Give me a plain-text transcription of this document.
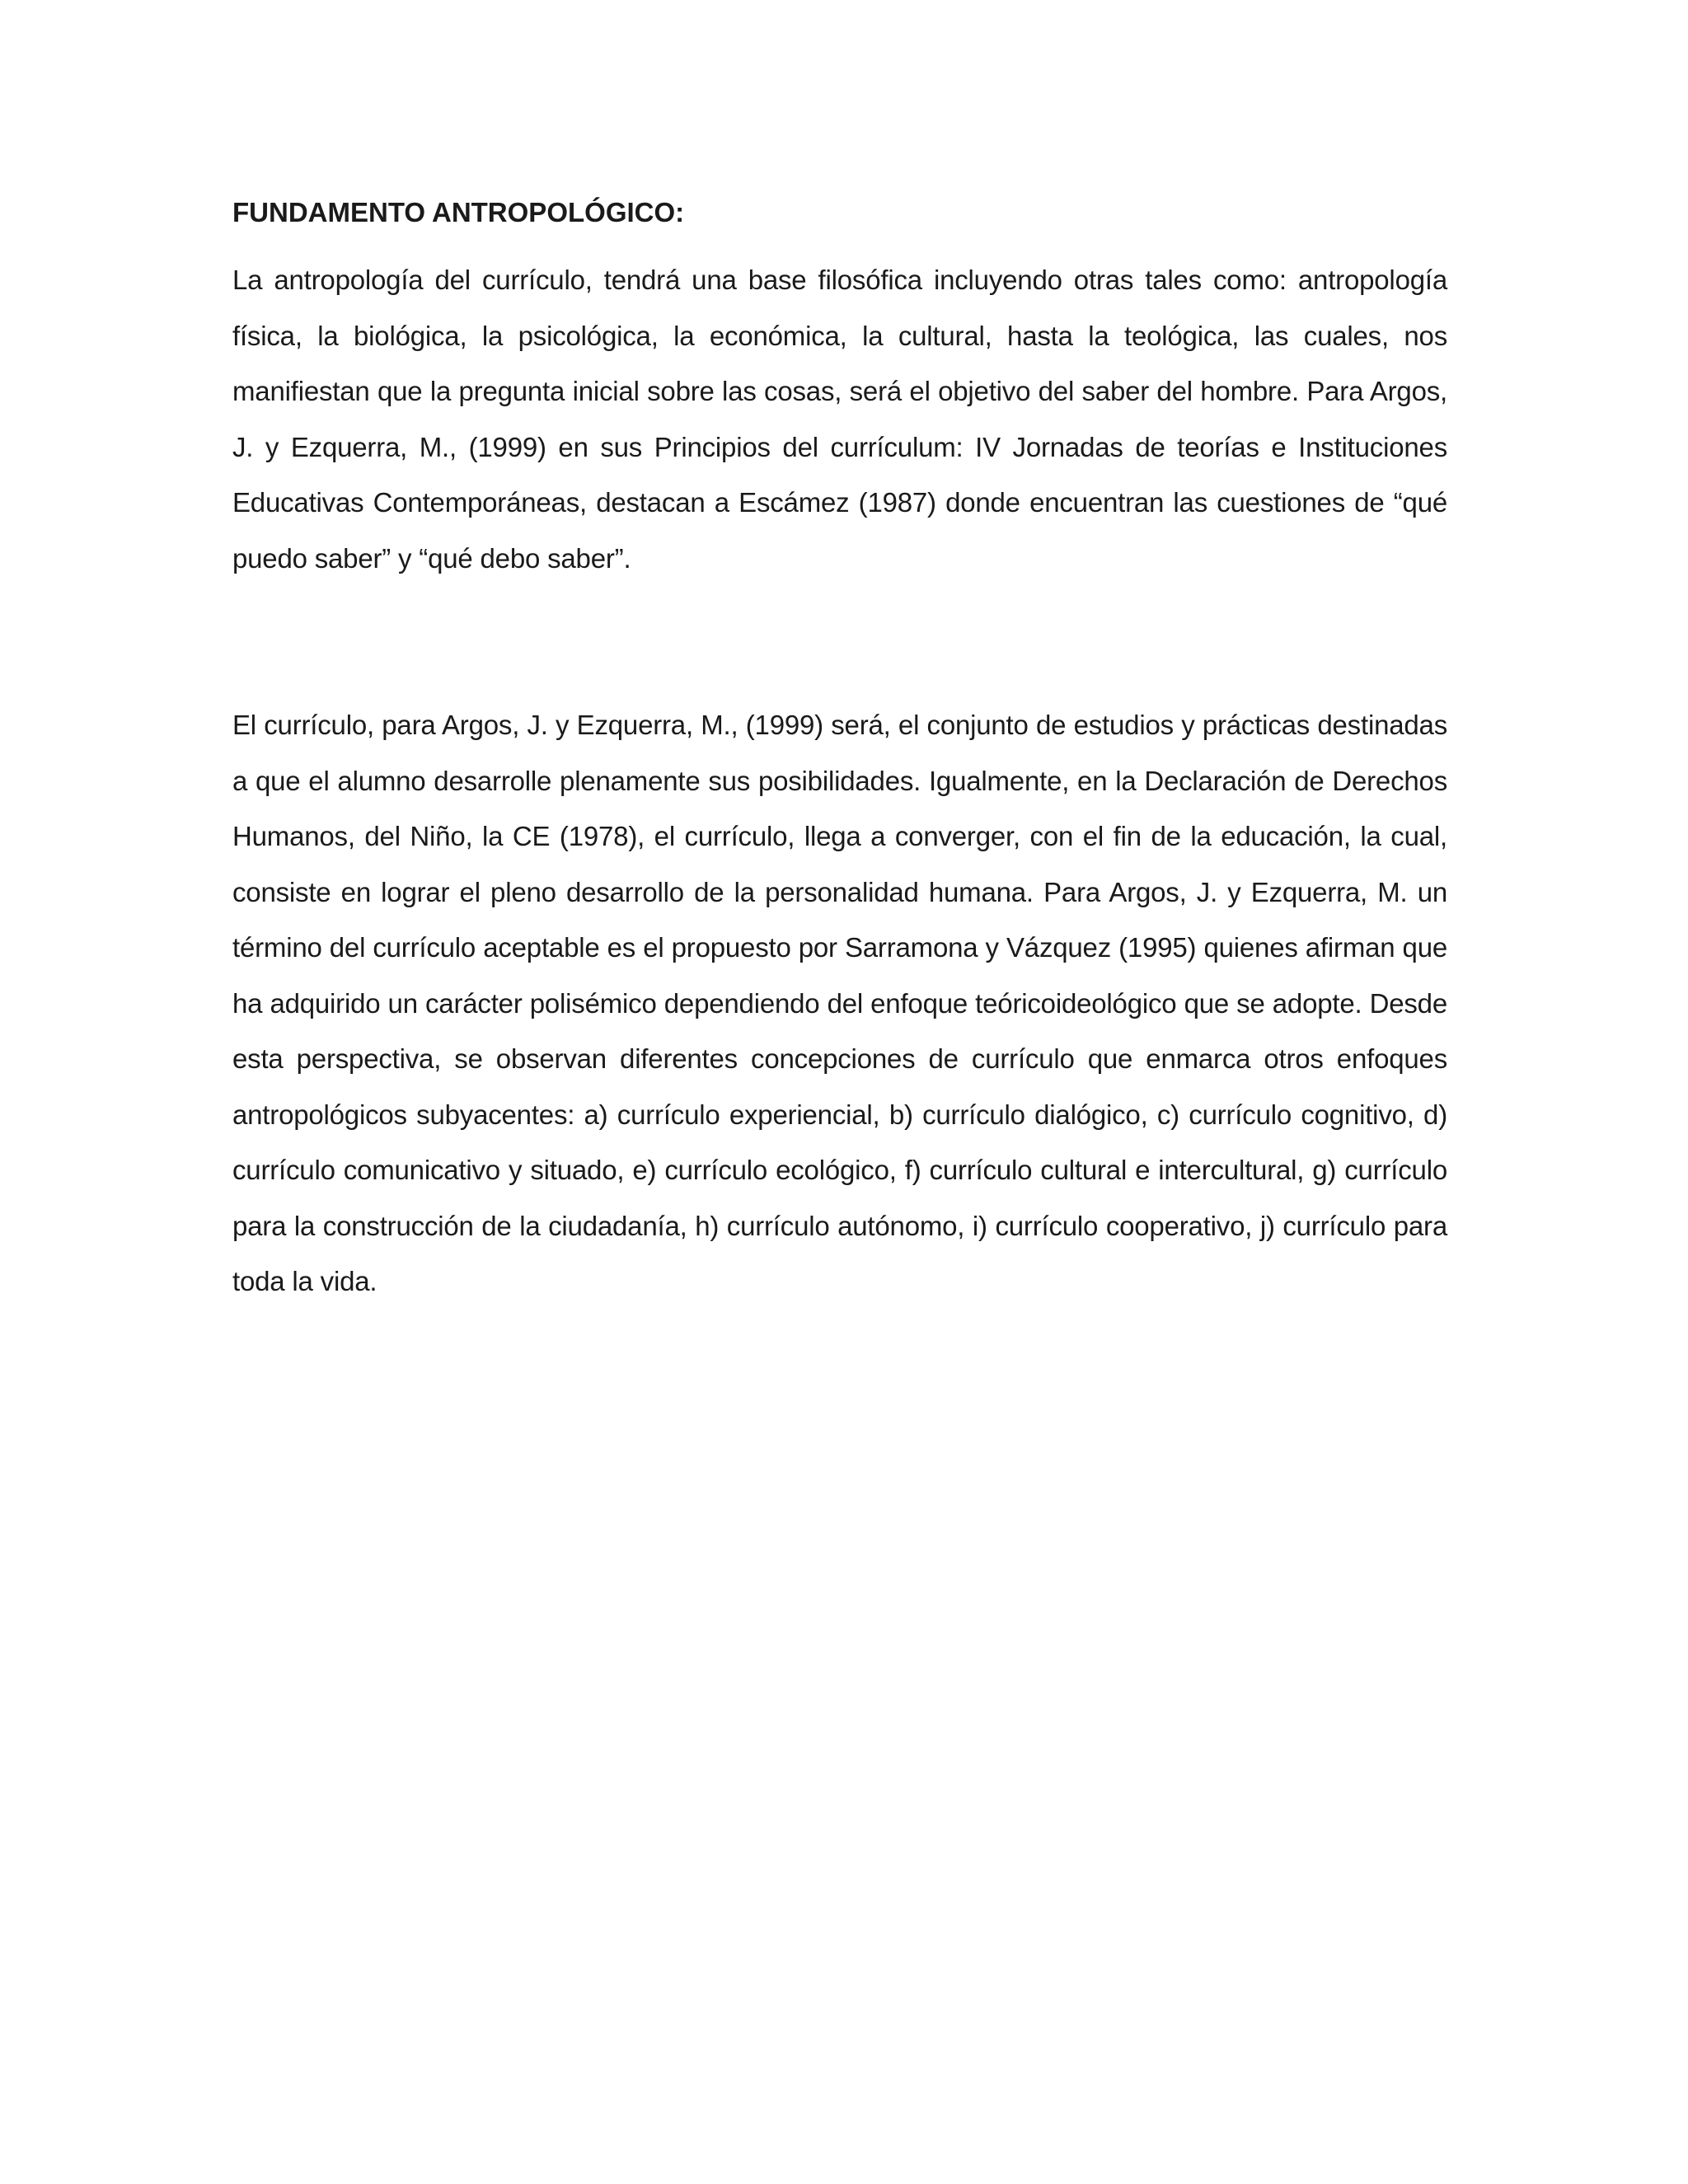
FUNDAMENTO ANTROPOLÓGICO:

La antropología del currículo, tendrá una base filosófica incluyendo otras tales como: antropología física, la biológica, la psicológica, la económica, la cultural, hasta la teológica, las cuales, nos manifiestan que la pregunta inicial sobre las cosas, será el objetivo del saber del hombre. Para Argos, J. y Ezquerra, M., (1999) en sus Principios del currículum: IV Jornadas de teorías e Instituciones Educativas Contemporáneas, destacan a Escámez (1987) donde encuentran las cuestiones de “qué puedo saber” y “qué debo saber”.

El currículo, para Argos, J. y Ezquerra, M., (1999) será, el conjunto de estudios y prácticas destinadas a que el alumno desarrolle plenamente sus posibilidades. Igualmente, en la Declaración de Derechos Humanos, del Niño, la CE (1978), el currículo, llega a converger, con el fin de la educación, la cual, consiste en lograr el pleno desarrollo de la personalidad humana. Para Argos, J. y Ezquerra, M. un término del currículo aceptable es el propuesto por Sarramona y Vázquez (1995) quienes afirman que ha adquirido un carácter polisémico dependiendo del enfoque teóricoideológico que se adopte. Desde esta perspectiva, se observan diferentes concepciones de currículo que enmarca otros enfoques antropológicos subyacentes: a) currículo experiencial, b) currículo dialógico, c) currículo cognitivo, d) currículo comunicativo y situado, e) currículo ecológico, f) currículo cultural e intercultural, g) currículo para la construcción de la ciudadanía, h) currículo autónomo, i) currículo cooperativo, j) currículo para toda la vida.
